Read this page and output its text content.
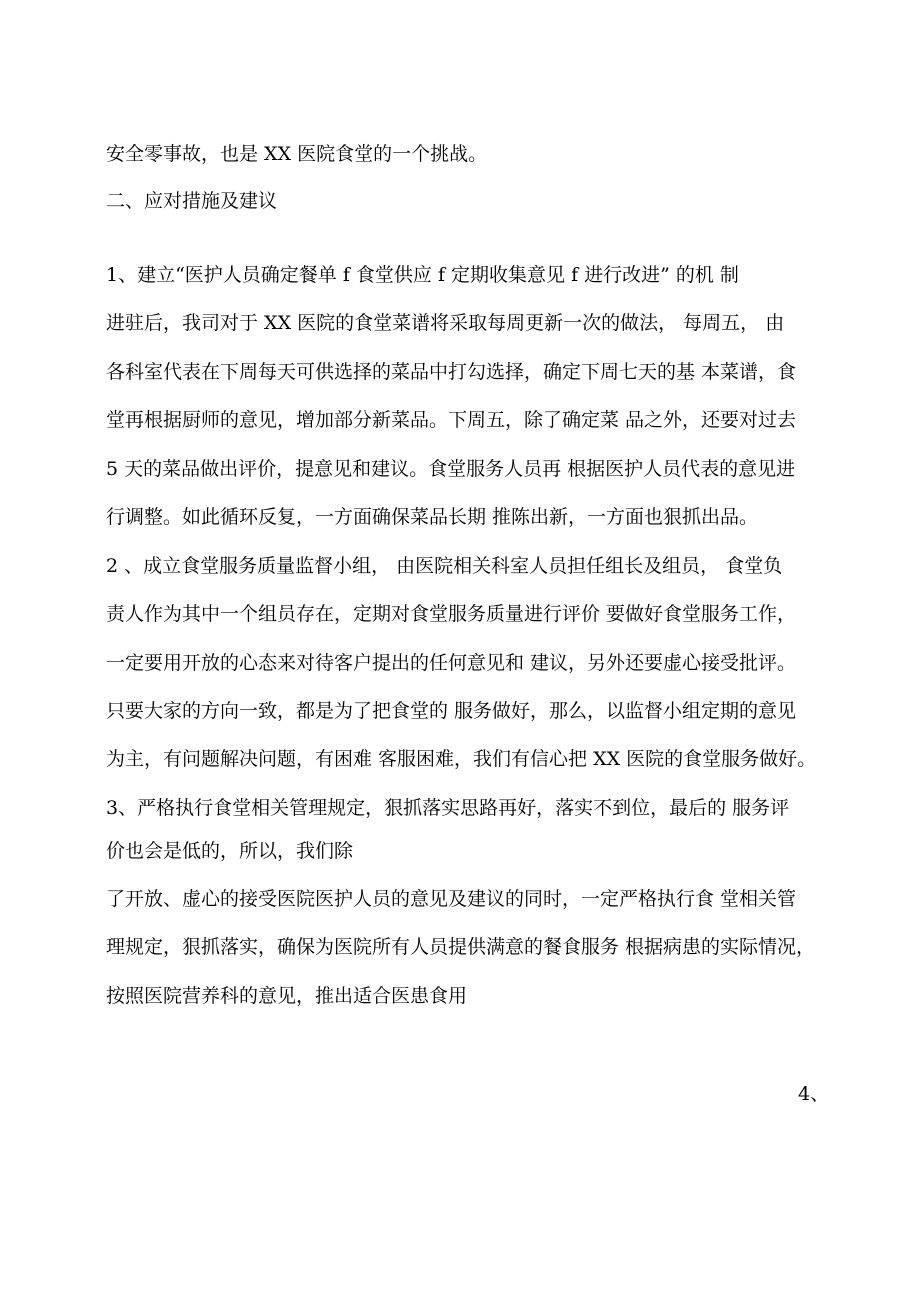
安全零事故，也是 XX 医院食堂的一个挑战。
二、应对措施及建议
1、建立“医护人员确定餐单 f 食堂供应 f 定期收集意见 f 进行改进” 的机 制
进驻后，我司对于 XX 医院的食堂菜谱将采取每周更新一次的做法， 每周五， 由
各科室代表在下周每天可供选择的菜品中打勾选择，确定下周七天的基 本菜谱，食
堂再根据厨师的意见，增加部分新菜品。下周五，除了确定菜 品之外，还要对过去
5 天的菜品做出评价，提意见和建议。食堂服务人员再 根据医护人员代表的意见进
行调整。如此循环反复，一方面确保菜品长期 推陈出新，一方面也狠抓出品。
2 、成立食堂服务质量监督小组， 由医院相关科室人员担任组长及组员， 食堂负
责人作为其中一个组员存在，定期对食堂服务质量进行评价 要做好食堂服务工作，
一定要用开放的心态来对待客户提出的任何意见和 建议，另外还要虚心接受批评。
只要大家的方向一致，都是为了把食堂的 服务做好，那么，以监督小组定期的意见
为主，有问题解决问题，有困难 客服困难，我们有信心把 XX 医院的食堂服务做好。
3、严格执行食堂相关管理规定，狠抓落实思路再好，落实不到位，最后的 服务评
价也会是低的，所以，我们除
了开放、虚心的接受医院医护人员的意见及建议的同时，一定严格执行食 堂相关管
理规定，狠抓落实，确保为医院所有人员提供满意的餐食服务 根据病患的实际情况，
按照医院营养科的意见，推出适合医患食用
4、
